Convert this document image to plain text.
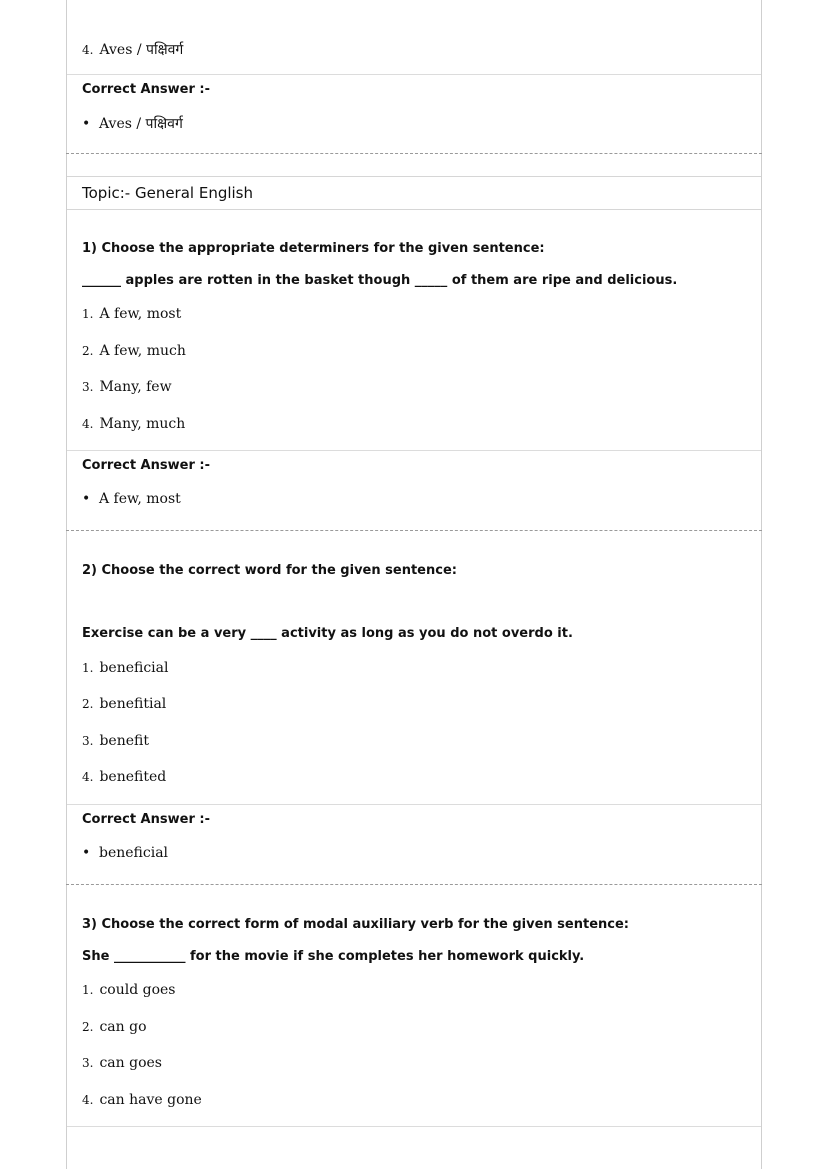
4. Aves / पक्षिवर्ग
Correct Answer :-
• Aves / पक्षिवर्ग
Topic:- General English
1) Choose the appropriate determiners for the given sentence:
______ apples are rotten in the basket though _____ of them are ripe and delicious.
1. A few, most
2. A few, much
3. Many, few
4. Many, much
Correct Answer :-
• A few, most
2) Choose the correct word for the given sentence:
Exercise can be a very ____ activity as long as you do not overdo it.
1. beneficial
2. benefitial
3. benefit
4. benefited
Correct Answer :-
• beneficial
3) Choose the correct form of modal auxiliary verb for the given sentence:
She ___________ for the movie if she completes her homework quickly.
1. could goes
2. can go
3. can goes
4. can have gone
